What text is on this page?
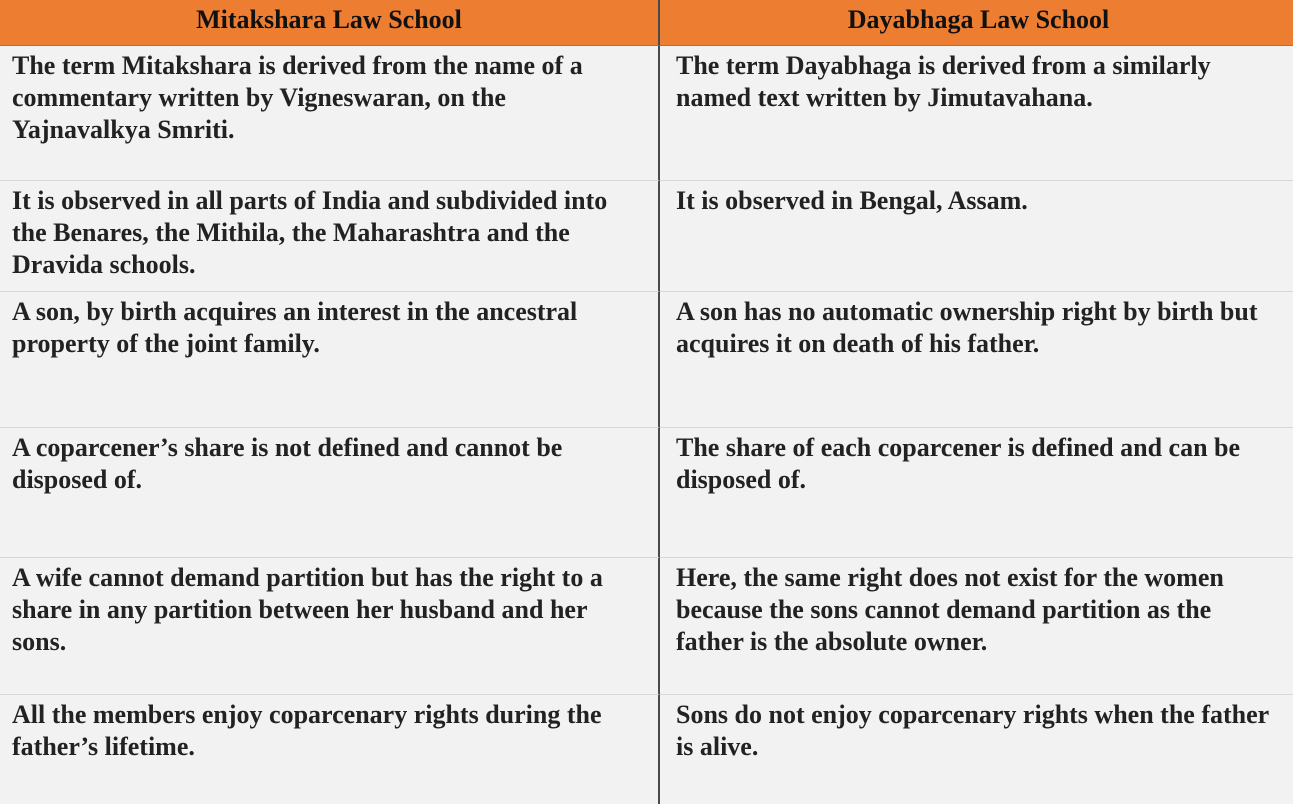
Mitakshara Law School	Dayabhaga Law School
The term Mitakshara is derived from the name of a commentary written by Vigneswaran, on the Yajnavalkya Smriti.
The term Dayabhaga is derived from a similarly named text written by Jimutavahana.
It is observed in all parts of India and subdivided into the Benares, the Mithila, the Maharashtra and the Dravida schools.
It is observed in Bengal, Assam.
A son, by birth acquires an interest in the ancestral property of the joint family.
A son has no automatic ownership right by birth but acquires it on death of his father.
A coparcener’s share is not defined and cannot be disposed of.
The share of each coparcener is defined and can be disposed of.
A wife cannot demand partition but has the right to a share in any partition between her husband and her sons.
Here, the same right does not exist for the women because the sons cannot demand partition as the father is the absolute owner.
All the members enjoy coparcenary rights during the father’s lifetime.
Sons do not enjoy coparcenary rights when the father is alive.
